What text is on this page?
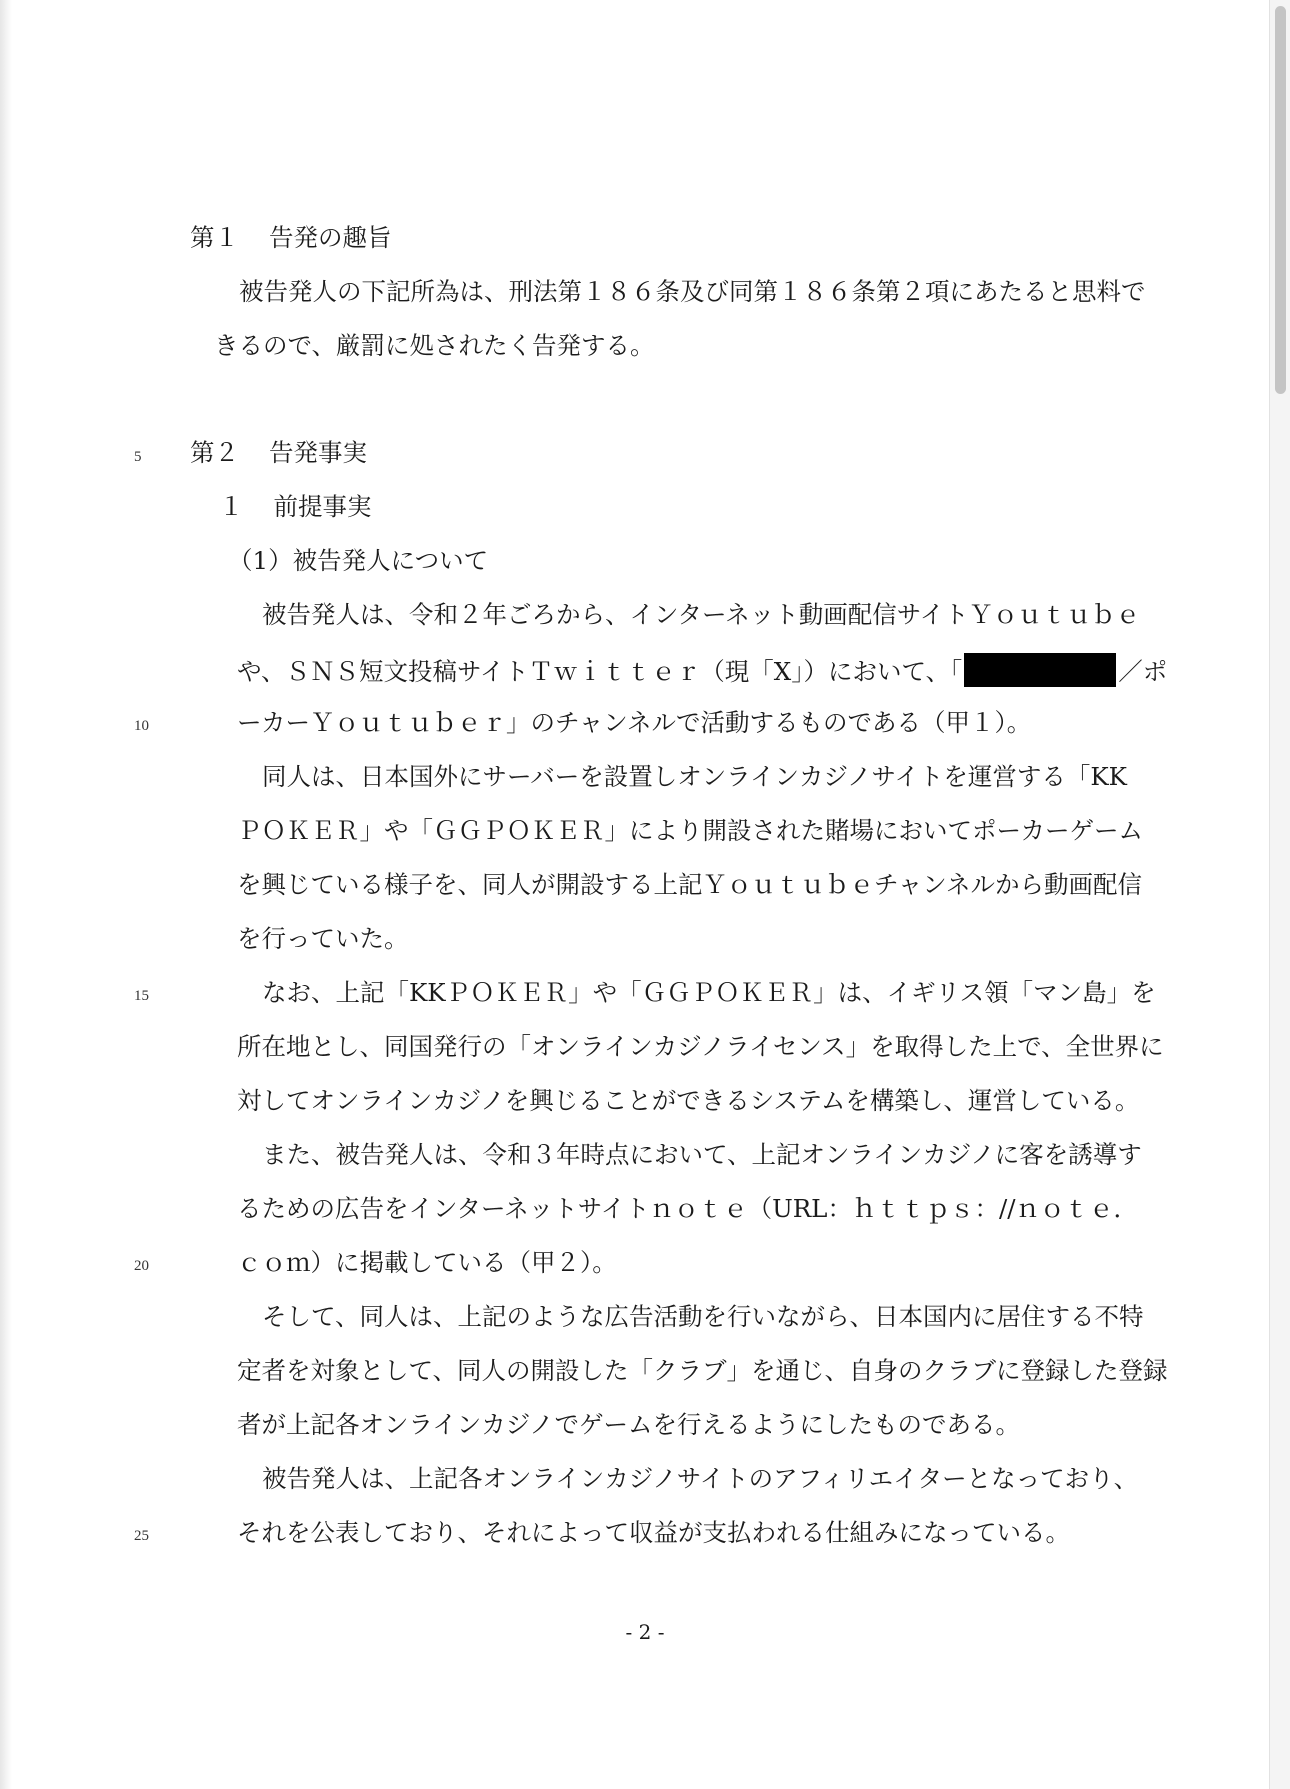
第１ 告発の趣旨
被告発人の下記所為は、刑法第１８６条及び同第１８６条第２項にあたると思料で
きるので、厳罰に処されたく告発する。
5	第２ 告発事実
１ 前提事実
（1）被告発人について
被告発人は、令和２年ごろから、インターネット動画配信サイトＹｏｕｔｕｂｅ
や、ＳＮＳ短文投稿サイトＴｗｉｔｔｅｒ（現「X」）において、「	／ポ
10	ーカーＹｏｕｔｕｂｅｒ」のチャンネルで活動するものである（甲１）。
同人は、日本国外にサーバーを設置しオンラインカジノサイトを運営する「KK
ＰＯＫＥＲ」や「ＧＧＰＯＫＥＲ」により開設された賭場においてポーカーゲーム
を興じている様子を、同人が開設する上記Ｙｏｕｔｕｂｅチャンネルから動画配信
を行っていた。
15	なお、上記「KKＰＯＫＥＲ」や「ＧＧＰＯＫＥＲ」は、イギリス領「マン島」を
所在地とし、同国発行の「オンラインカジノライセンス」を取得した上で、全世界に
対してオンラインカジノを興じることができるシステムを構築し、運営している。
また、被告発人は、令和３年時点において、上記オンラインカジノに客を誘導す
るための広告をインターネットサイトｎｏｔｅ（URL：ｈｔｔｐｓ：//ｎｏｔｅ．
20	ｃｏｍ）に掲載している（甲２）。
そして、同人は、上記のような広告活動を行いながら、日本国内に居住する不特
定者を対象として、同人の開設した「クラブ」を通じ、自身のクラブに登録した登録
者が上記各オンラインカジノでゲームを行えるようにしたものである。
被告発人は、上記各オンラインカジノサイトのアフィリエイターとなっており、
25	それを公表しており、それによって収益が支払われる仕組みになっている。
- 2 -
